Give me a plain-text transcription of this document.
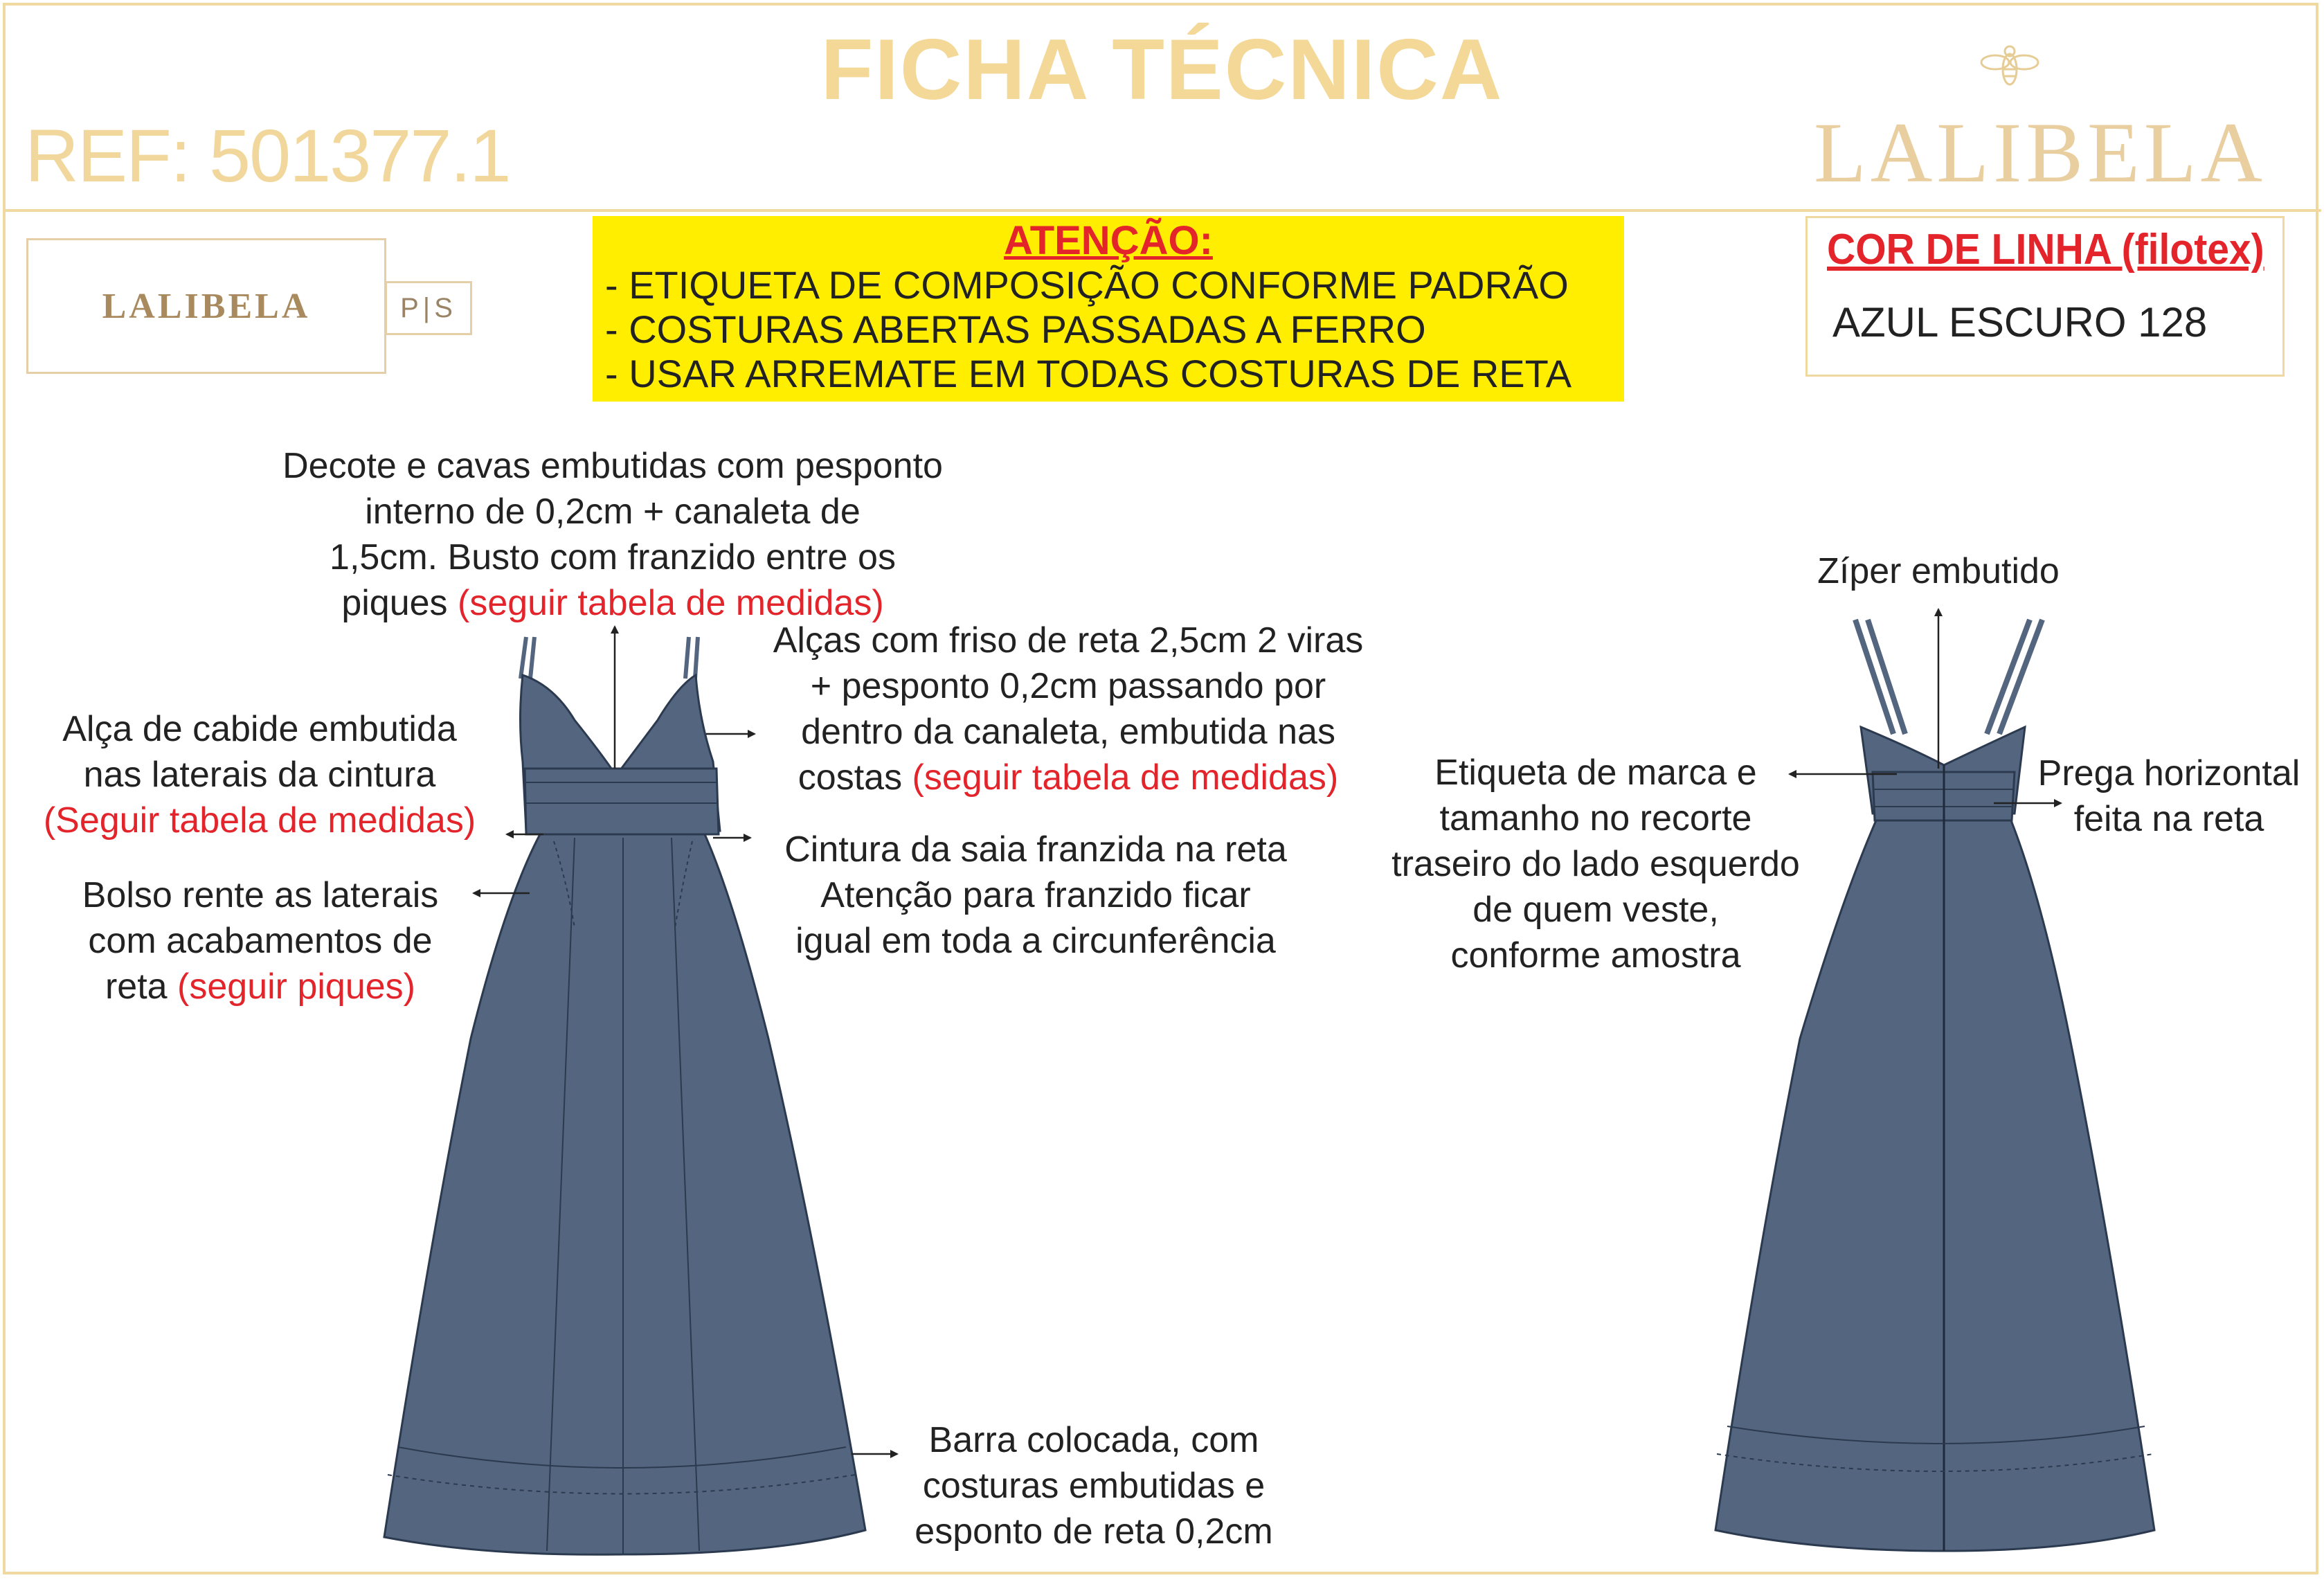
FICHA TÉCNICA
REF: 501377.1	LALIBELA
LALIBELA	P|S
ATENÇÃO:
- ETIQUETA DE COMPOSIÇÃO CONFORME PADRÃO
- COSTURAS ABERTAS PASSADAS A FERRO
- USAR ARREMATE EM TODAS COSTURAS DE RETA
COR DE LINHA (filotex)
AZUL ESCURO 128
Decote e cavas embutidas com pesponto
interno de 0,2cm + canaleta de
1,5cm. Busto com franzido entre os
piques (seguir tabela de medidas)
Alças com friso de reta 2,5cm 2 viras
+ pesponto 0,2cm passando por
dentro da canaleta, embutida nas
costas (seguir tabela de medidas)
Alça de cabide embutida
nas laterais da cintura
(Seguir tabela de medidas)
Cintura da saia franzida na reta
Atenção para franzido ficar
igual em toda a circunferência
Bolso rente as laterais
com acabamentos de
reta (seguir piques)
Barra colocada, com
costuras embutidas e
esponto de reta 0,2cm
Zíper embutido
Etiqueta de marca e
tamanho no recorte
traseiro do lado esquerdo
de quem veste,
conforme amostra
Prega horizontal
feita na reta
